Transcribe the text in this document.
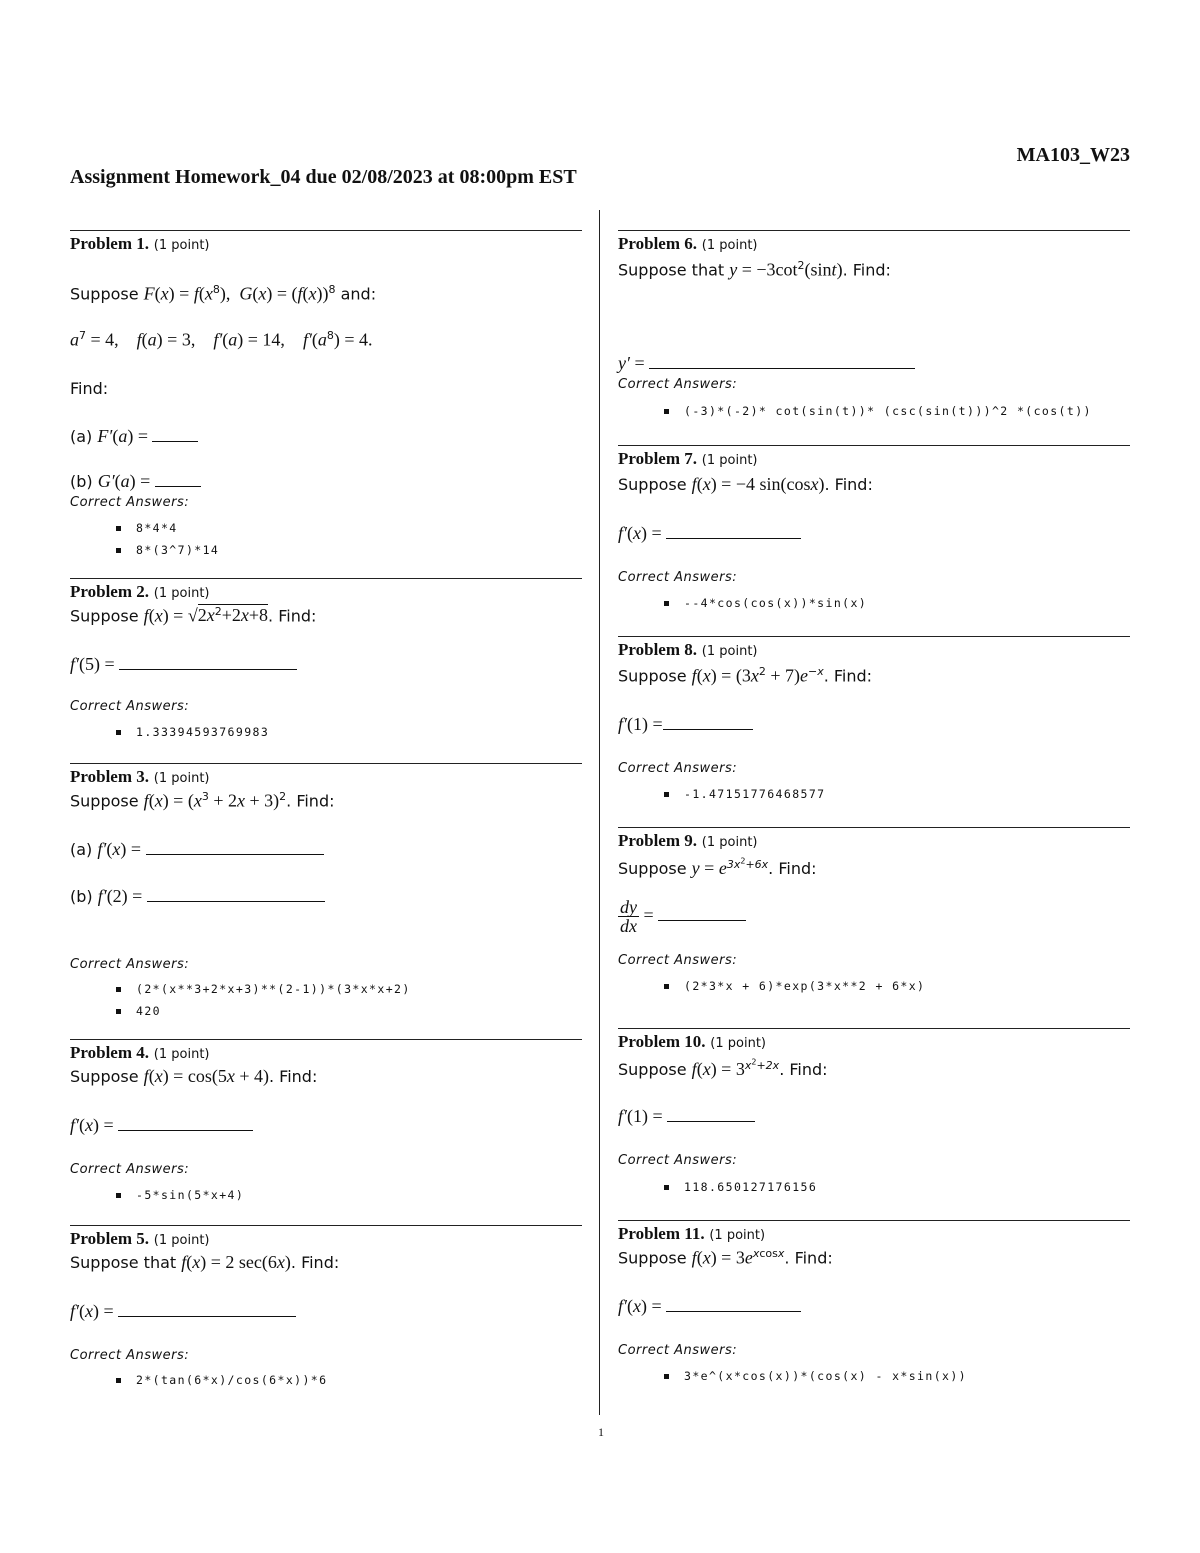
MA103_W23
Assignment Homework_04 due 02/08/2023 at 08:00pm EST
Problem 1. (1 point)
Suppose $F(x) = f(x^8)$,  $G(x) = (f(x))^8$ and:
$a^7 = 4$,    f(a) = 3,    f′(a) = 14,    $f'(a^8) = 4$.
Find:
(a) F′(a) =
(b) G′(a) =
Correct Answers:
8*4*4
8*(3^7)*14
Problem 2. (1 point)
Suppose $f(x) = √2x^2+2x+8$. Find:
f′(5) =
Correct Answers:
1.33394593769983
Problem 3. (1 point)
Suppose $f(x) = (x^3 + 2x + 3)^2$. Find:
(a) f′(x) =
(b) f′(2) =
Correct Answers:
(2*(x**3+2*x+3)**(2-1))*(3*x*x+2)
420
Problem 4. (1 point)
Suppose f(x) = cos(5x + 4). Find:
f′(x) =
Correct Answers:
-5*sin(5*x+4)
Problem 5. (1 point)
Suppose that f(x) = 2 sec(6x). Find:
f′(x) =
Correct Answers:
2*(tan(6*x)/cos(6*x))*6
Problem 6. (1 point)
Suppose that $y = -3\cot^2(\sin t)$. Find:
y′ =
Correct Answers:
(-3)*(-2)* cot(sin(t))* (csc(sin(t)))^2 *(cos(t))
Problem 7. (1 point)
Suppose f(x) = −4 sin(cosx). Find:
f′(x) =
Correct Answers:
--4*cos(cos(x))*sin(x)
Problem 8. (1 point)
Suppose $f(x) = (3x^2 + 7)e^{-x}$. Find:
f′(1) =
Correct Answers:
-1.47151776468577
Problem 9. (1 point)
Suppose $y = e^{3x^2+6x}$. Find:
$\frac{dy}{dx}$ =
Correct Answers:
(2*3*x + 6)*exp(3*x**2 + 6*x)
Problem 10. (1 point)
Suppose $f(x) = 3^{x^2+2x}$. Find:
f′(1) =
Correct Answers:
118.650127176156
Problem 11. (1 point)
Suppose $f(x) = 3e^{xcosx}$. Find:
f′(x) =
Correct Answers:
3*e^(x*cos(x))*(cos(x) - x*sin(x))
1
